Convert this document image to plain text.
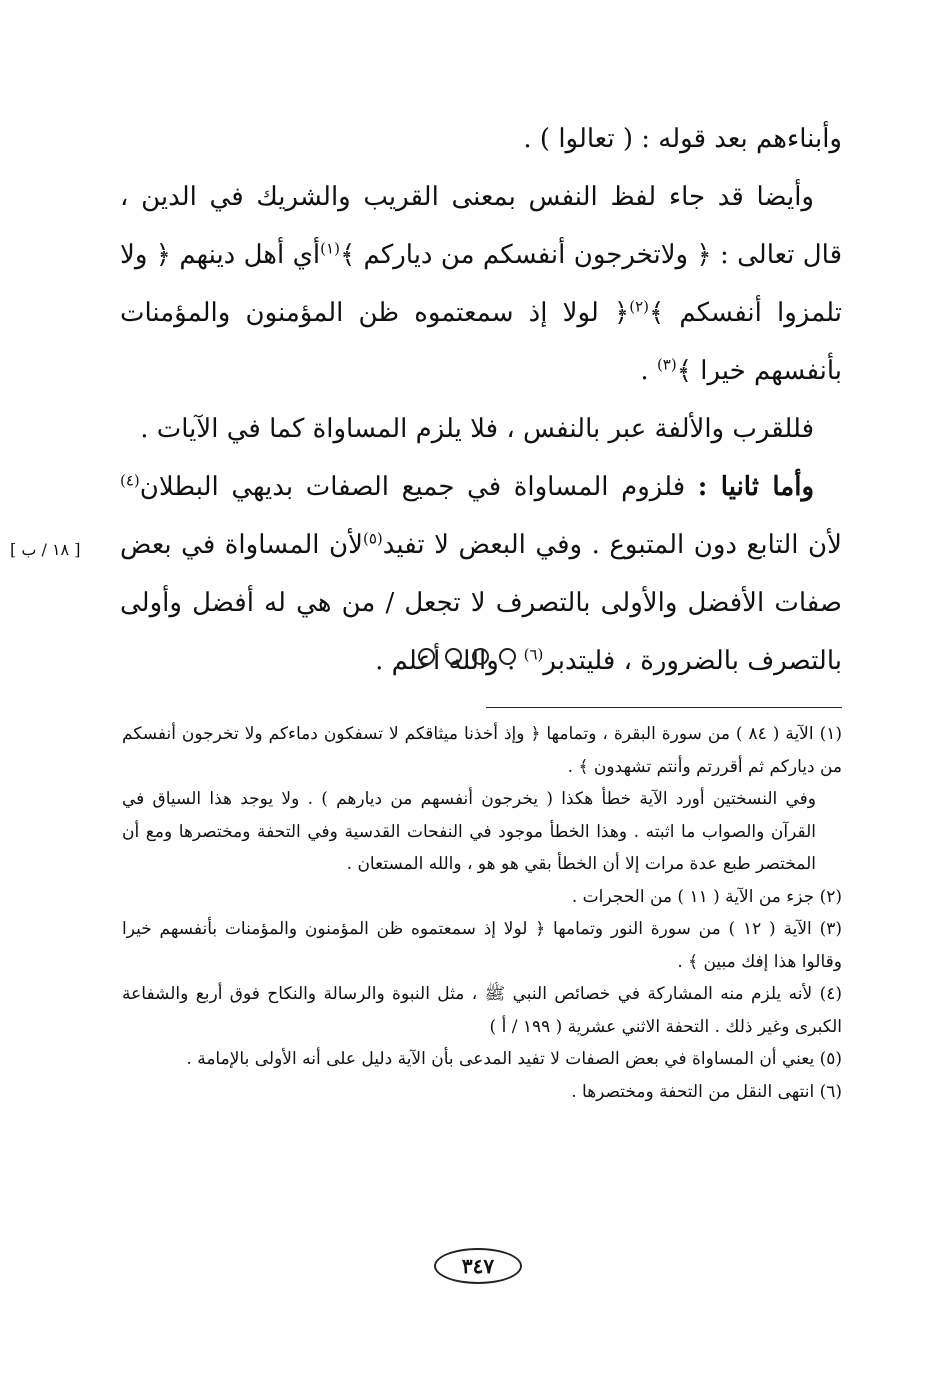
وأبناءهم بعد قوله : ( تعالوا ) .

وأيضا قد جاء لفظ النفس بمعنى القريب والشريك في الدين ، قال تعالى : ﴿ ولاتخرجون أنفسكم من دياركم ﴾$^{(١)}$أي أهل دينهم ﴿ ولا تلمزوا أنفسكم ﴾$^{(٢)}$﴿ لولا إذ سمعتموه ظن المؤمنون والمؤمنات بأنفسهم خيرا ﴾$^{(٣)}$ .

فللقرب والألفة عبر بالنفس ، فلا يلزم المساواة كما في الآيات .

وأما ثانيا : فلزوم المساواة في جميع الصفات بديهي البطلان$^{(٤)}$ لأن التابع دون المتبوع . وفي البعض لا تفيد$^{(٥)}$لأن المساواة في بعض صفات الأفضل والأولى بالتصرف لا تجعل / من هي له أفضل وأولى بالتصرف بالضرورة ، فليتدبر$^{(٦)}$ . والله أعلم .

[ ١٨ / ب ]

(١) الآية ( ٨٤ ) من سورة البقرة ، وتمامها ﴿ وإذ أخذنا ميثاقكم لا تسفكون دماءكم ولا تخرجون أنفسكم من دياركم ثم أقررتم وأنتم تشهدون ﴾ .

وفي النسختين أورد الآية خطأ هكذا ( يخرجون أنفسهم من ديارهم ) . ولا يوجد هذا السياق في القرآن والصواب ما اثبته . وهذا الخطأ موجود في النفحات القدسية وفي التحفة ومختصرها ومع أن المختصر طبع عدة مرات إلا أن الخطأ بقي هو هو ، والله المستعان .

(٢) جزء من الآية ( ١١ ) من الحجرات .

(٣) الآية ( ١٢ ) من سورة النور وتمامها ﴿ لولا إذ سمعتموه ظن المؤمنون والمؤمنات بأنفسهم خيرا وقالوا هذا إفك مبين ﴾ .

(٤) لأنه يلزم منه المشاركة في خصائص النبي ﷺ ، مثل النبوة والرسالة والنكاح فوق أربع والشفاعة الكبرى وغير ذلك . التحفة الاثني عشرية ( ١٩٩ / أ )

(٥) يعني أن المساواة في بعض الصفات لا تفيد المدعى بأن الآية دليل على أنه الأولى بالإمامة .

(٦) انتهى النقل من التحفة ومختصرها .

٣٤٧
